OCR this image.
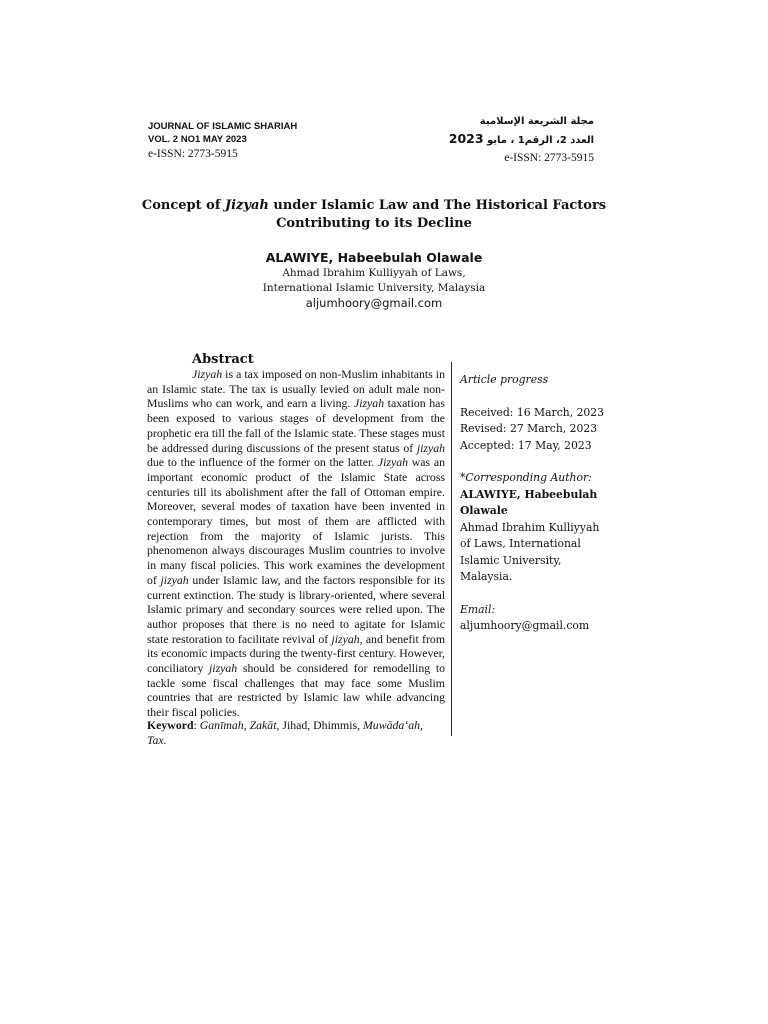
JOURNAL OF ISLAMIC SHARIAH
VOL. 2 NO1 MAY 2023
e-ISSN: 2773-5915
مجلة الشريعة الإسلامية
العدد 2، الرقم1 ، مايو 2023
e-ISSN: 2773-5915
Concept of Jizyah under Islamic Law and The Historical Factors Contributing to its Decline
ALAWIYE, Habeebulah Olawale
Ahmad Ibrahim Kulliyyah of Laws,
International Islamic University, Malaysia
aljumhoory@gmail.com
Abstract

Jizyah is a tax imposed on non-Muslim inhabitants in an Islamic state. The tax is usually levied on adult male non-Muslims who can work, and earn a living. Jizyah taxation has been exposed to various stages of development from the prophetic era till the fall of the Islamic state. These stages must be addressed during discussions of the present status of jizyah due to the influence of the former on the latter. Jizyah was an important economic product of the Islamic State across centuries till its abolishment after the fall of Ottoman empire. Moreover, several modes of taxation have been invented in contemporary times, but most of them are afflicted with rejection from the majority of Islamic jurists. This phenomenon always discourages Muslim countries to involve in many fiscal policies. This work examines the development of jizyah under Islamic law, and the factors responsible for its current extinction. The study is library-oriented, where several Islamic primary and secondary sources were relied upon. The author proposes that there is no need to agitate for Islamic state restoration to facilitate revival of jizyah, and benefit from its economic impacts during the twenty-first century. However, conciliatory jizyah should be considered for remodelling to tackle some fiscal challenges that may face some Muslim countries that are restricted by Islamic law while advancing their fiscal policies.

Keyword: Ganīmah, Zakāt, Jihad, Dhimmis, Muwāda‘ah, Tax.

Article progress
Received: 16 March, 2023
Revised: 27 March, 2023
Accepted: 17 May, 2023
*Corresponding Author:
ALAWIYE, Habeebulah Olawale
Ahmad Ibrahim Kulliyyah of Laws, International Islamic University, Malaysia.
Email:
aljumhoory@gmail.com
